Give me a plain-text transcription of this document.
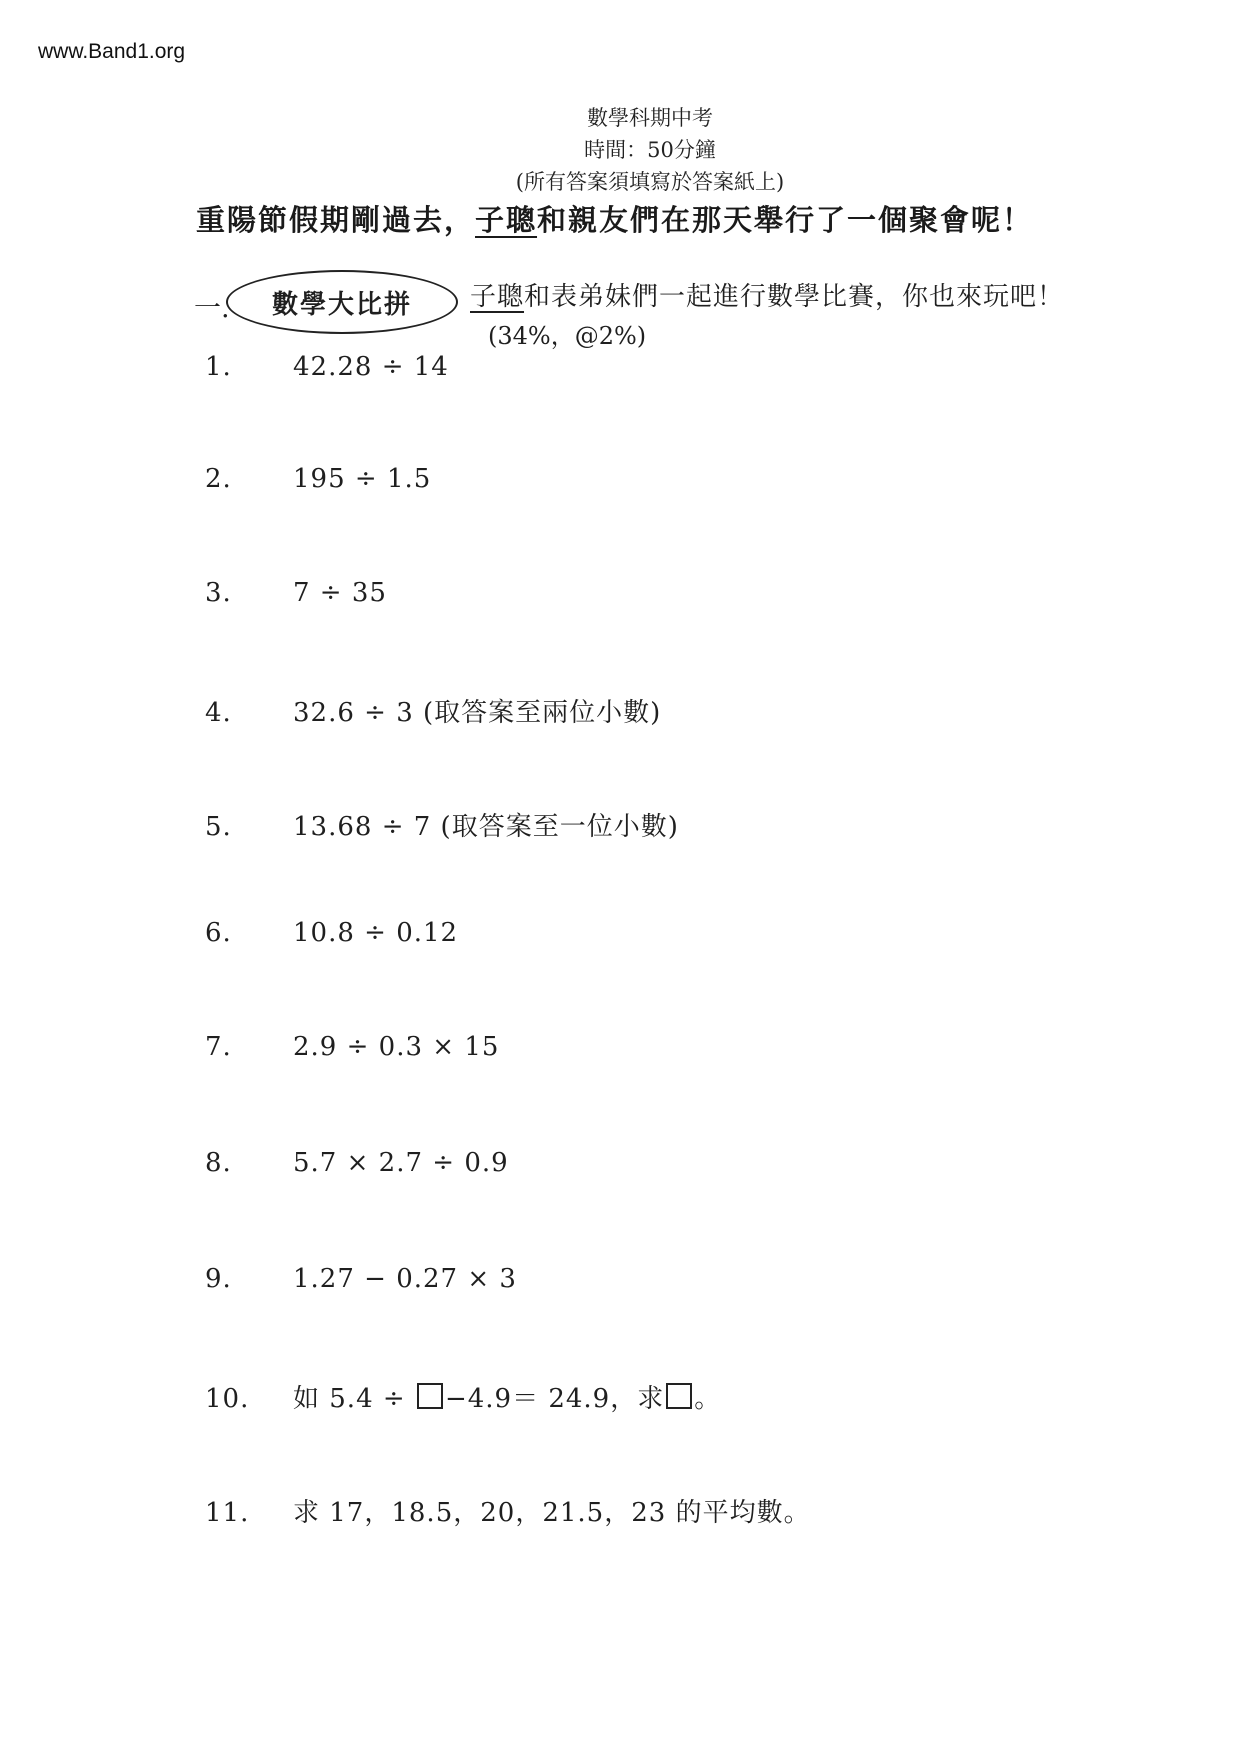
www.Band1.org
數學科期中考
時間：50分鐘
(所有答案須填寫於答案紙上)
重陽節假期剛過去，子聰和親友們在那天舉行了一個聚會呢！
一. 數學大比拼 子聰和表弟妹們一起進行數學比賽，你也來玩吧！
(34%，@2%)
1. 42.28 ÷ 14
2. 195 ÷ 1.5
3. 7 ÷ 35
4. 32.6 ÷ 3 (取答案至兩位小數)
5. 13.68 ÷ 7 (取答案至一位小數)
6. 10.8 ÷ 0.12
7. 2.9 ÷ 0.3 × 15
8. 5.7 × 2.7 ÷ 0.9
9. 1.27 − 0.27 × 3
10. 如 5.4 ÷ −4.9＝ 24.9，求 。
11. 求 17，18.5，20，21.5，23 的平均數。
